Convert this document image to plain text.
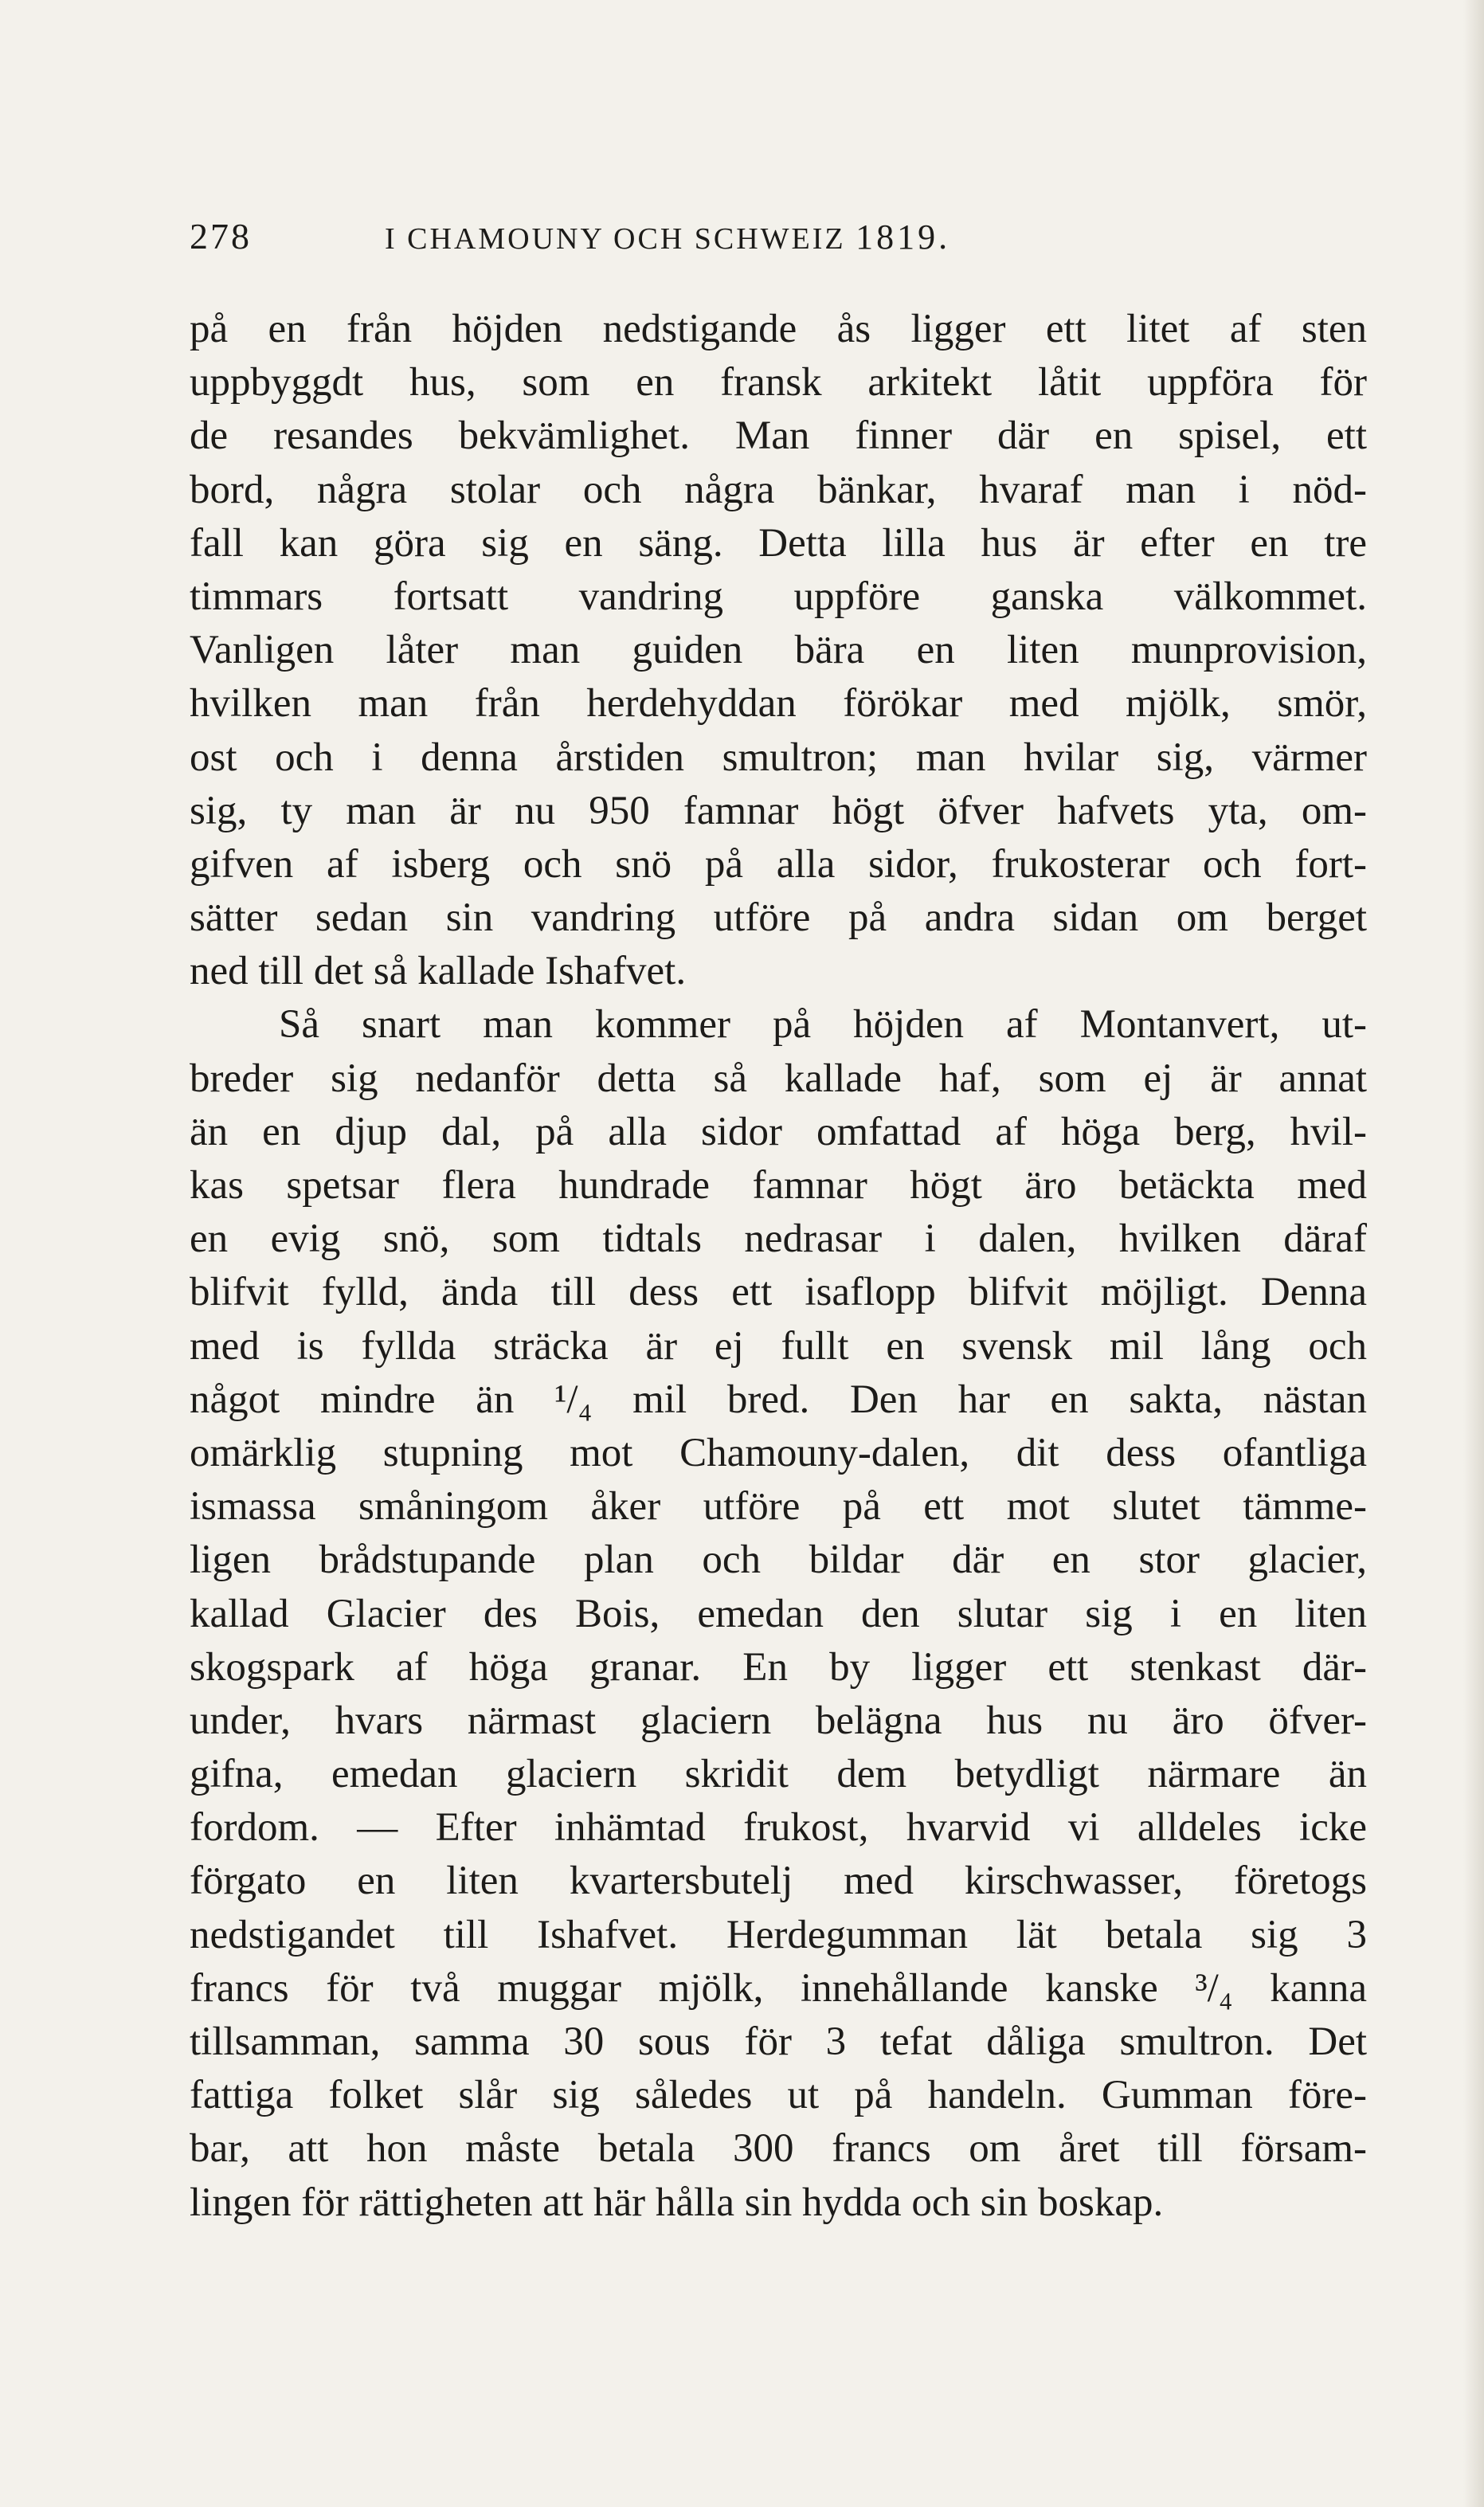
278	I CHAMOUNY OCH SCHWEIZ 1819.
på en från höjden nedstigande ås ligger ett litet af sten
uppbyggdt hus, som en fransk arkitekt låtit uppföra för
de resandes bekvämlighet. Man finner där en spisel, ett
bord, några stolar och några bänkar, hvaraf man i nöd-
fall kan göra sig en säng. Detta lilla hus är efter en tre
timmars fortsatt vandring uppföre ganska välkommet.
Vanligen låter man guiden bära en liten munprovision,
hvilken man från herdehyddan förökar med mjölk, smör,
ost och i denna årstiden smultron; man hvilar sig, värmer
sig, ty man är nu 950 famnar högt öfver hafvets yta, om-
gifven af isberg och snö på alla sidor, frukosterar och fort-
sätter sedan sin vandring utföre på andra sidan om berget
ned till det så kallade Ishafvet.
Så snart man kommer på höjden af Montanvert, ut-
breder sig nedanför detta så kallade haf, som ej är annat
än en djup dal, på alla sidor omfattad af höga berg, hvil-
kas spetsar flera hundrade famnar högt äro betäckta med
en evig snö, som tidtals nedrasar i dalen, hvilken däraf
blifvit fylld, ända till dess ett isaflopp blifvit möjligt. Denna
med is fyllda sträcka är ej fullt en svensk mil lång och
något mindre än ¹/₄ mil bred. Den har en sakta, nästan
omärklig stupning mot Chamouny-dalen, dit dess ofantliga
ismassa småningom åker utföre på ett mot slutet tämme-
ligen brådstupande plan och bildar där en stor glacier,
kallad Glacier des Bois, emedan den slutar sig i en liten
skogspark af höga granar. En by ligger ett stenkast där-
under, hvars närmast glaciern belägna hus nu äro öfver-
gifna, emedan glaciern skridit dem betydligt närmare än
fordom. — Efter inhämtad frukost, hvarvid vi alldeles icke
förgato en liten kvartersbutelj med kirschwasser, företogs
nedstigandet till Ishafvet. Herdegumman lät betala sig 3
francs för två muggar mjölk, innehållande kanske ³/₄ kanna
tillsamman, samma 30 sous för 3 tefat dåliga smultron. Det
fattiga folket slår sig således ut på handeln. Gumman före-
bar, att hon måste betala 300 francs om året till försam-
lingen för rättigheten att här hålla sin hydda och sin boskap.
